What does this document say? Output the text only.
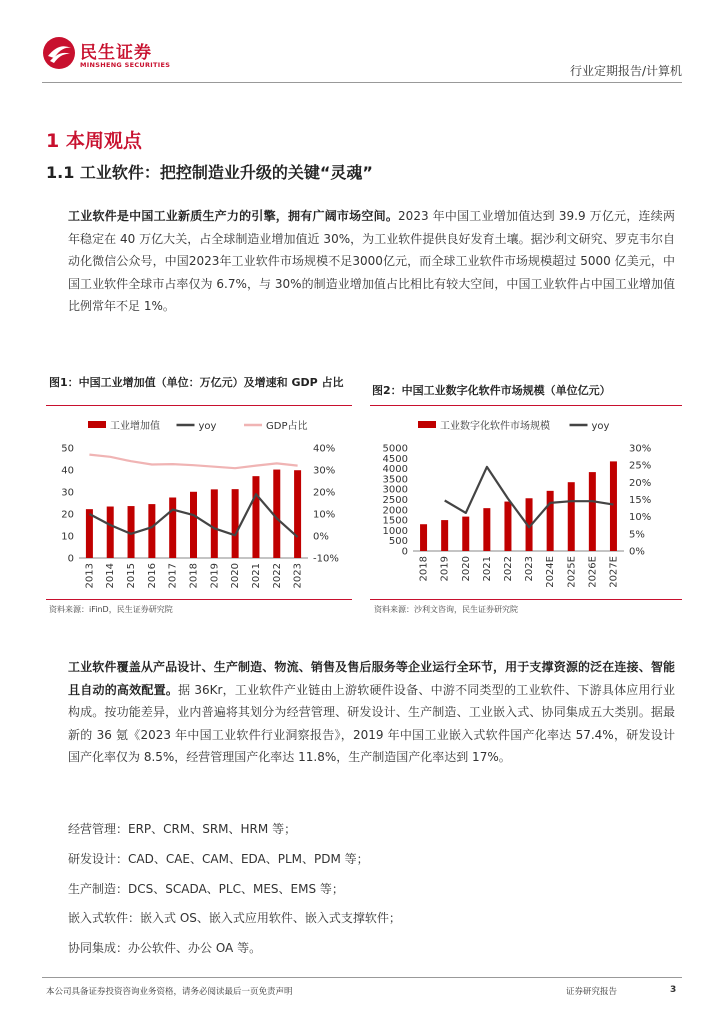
民生证券
MINSHENG SECURITIES	行业定期报告/计算机
1 本周观点
1.1 工业软件：把控制造业升级的关键“灵魂”
工业软件是中国工业新质生产力的引擎，拥有广阔市场空间。2023 年中国工业增加值达到 39.9 万亿元，连续两年稳定在 40 万亿大关，占全球制造业增加值近 30%，为工业软件提供良好发育土壤。据沙利文研究、罗克韦尔自动化微信公众号，中国2023年工业软件市场规模不足3000亿元，而全球工业软件市场规模超过 5000 亿美元，中国工业软件全球市占率仅为 6.7%，与 30%的制造业增加值占比相比有较大空间，中国工业软件占中国工业增加值比例常年不足 1%。
图1：中国工业增加值（单位：万亿元）及增速和 GDP 占比
工业增加值	yoy	GDP占比
0
10
20
30
40
50
-10%
0%
10%
20%
30%
40%
2013 2014 2015 2016 2017 2018 2019 2020 2021 2022 2023
资料来源：iFinD，民生证券研究院
图2：中国工业数字化软件市场规模（单位亿元）
工业数字化软件市场规模	yoy
0
500
1000
1500
2000
2500
3000
3500
4000
4500
5000
0%
5%
10%
15%
20%
25%
30%
2018 2019 2020 2021 2022 2023 2024E 2025E 2026E 2027E
资料来源：沙利文咨询，民生证券研究院
工业软件覆盖从产品设计、生产制造、物流、销售及售后服务等企业运行全环节，用于支撑资源的泛在连接、智能且自动的高效配置。据 36Kr，工业软件产业链由上游软硬件设备、中游不同类型的工业软件、下游具体应用行业构成。按功能差异，业内普遍将其划分为经营管理、研发设计、生产制造、工业嵌入式、协同集成五大类别。据最新的 36 氪《2023 年中国工业软件行业洞察报告》，2019 年中国工业嵌入式软件国产化率达 57.4%，研发设计国产化率仅为 8.5%，经营管理国产化率达 11.8%，生产制造国产化率达到 17%。
经营管理：ERP、CRM、SRM、HRM 等；
研发设计：CAD、CAE、CAM、EDA、PLM、PDM 等；
生产制造：DCS、SCADA、PLC、MES、EMS 等；
嵌入式软件：嵌入式 OS、嵌入式应用软件、嵌入式支撑软件；
协同集成：办公软件、办公 OA 等。
本公司具备证券投资咨询业务资格，请务必阅读最后一页免责声明	证券研究报告	3
